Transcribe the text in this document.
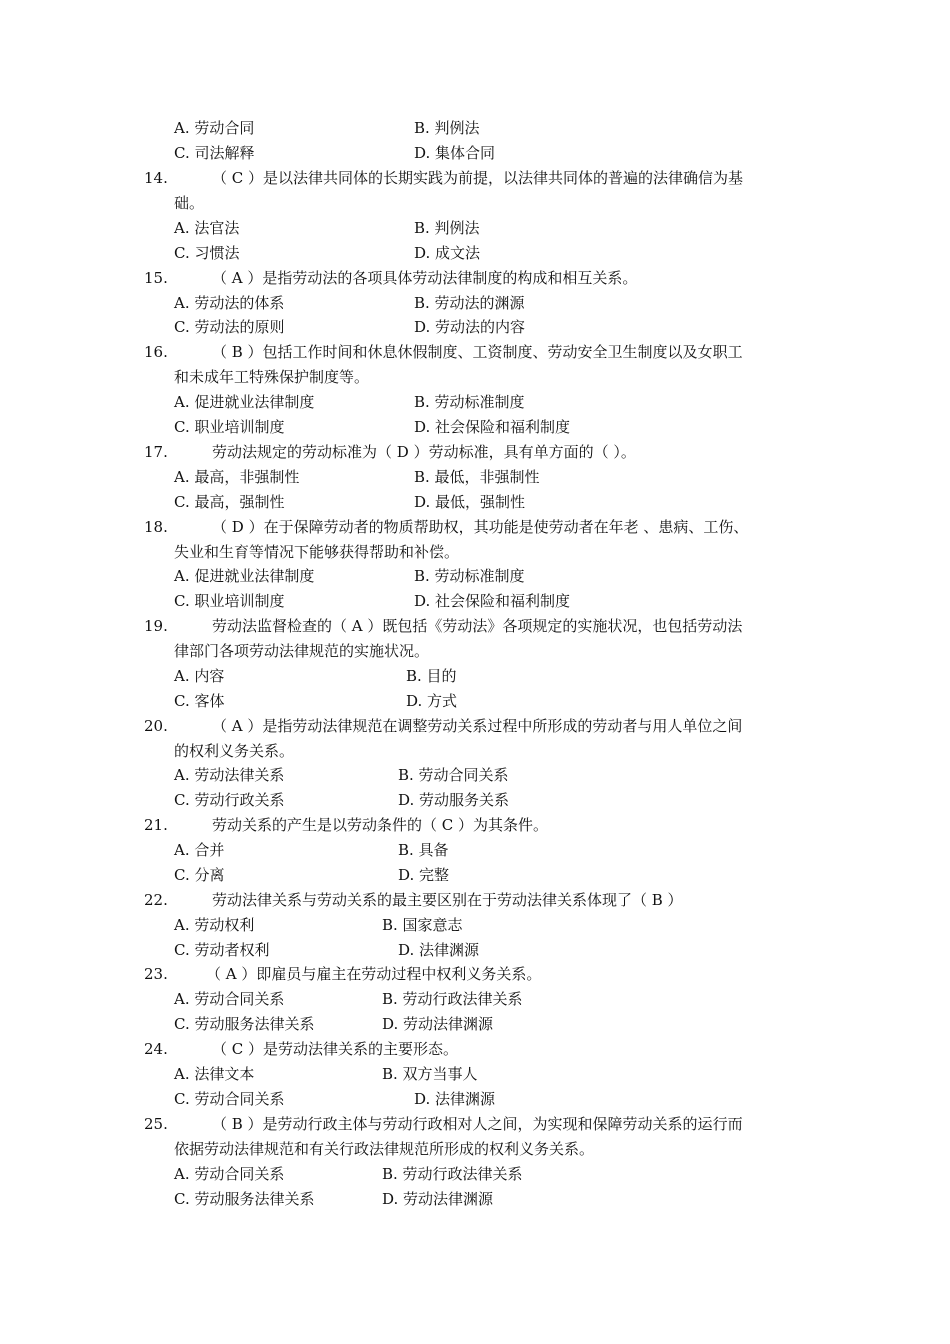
A. 劳动合同	B. 判例法
C. 司法解释	D. 集体合同
14.	（ C ）是以法律共同体的长期实践为前提，以法律共同体的普遍的法律确信为基
础。
A. 法官法	B. 判例法
C. 习惯法	D. 成文法
15.	（ A ）是指劳动法的各项具体劳动法律制度的构成和相互关系。
A. 劳动法的体系	B. 劳动法的渊源
C. 劳动法的原则	D. 劳动法的内容
16.	（ B ）包括工作时间和休息休假制度、工资制度、劳动安全卫生制度以及女职工
和未成年工特殊保护制度等。
A. 促进就业法律制度	B. 劳动标准制度
C. 职业培训制度	D. 社会保险和福利制度
17.	劳动法规定的劳动标准为（ D ）劳动标准，具有单方面的（ ）。
A. 最高，非强制性	B. 最低，非强制性
C. 最高，强制性	D. 最低，强制性
18.	（ D ）在于保障劳动者的物质帮助权，其功能是使劳动者在年老 、患病、工伤、
失业和生育等情况下能够获得帮助和补偿。
A. 促进就业法律制度	B. 劳动标准制度
C. 职业培训制度	D. 社会保险和福利制度
19.	劳动法监督检查的（ A ）既包括《劳动法》各项规定的实施状况，也包括劳动法
律部门各项劳动法律规范的实施状况。
A. 内容	B. 目的
C. 客体	D. 方式
20.	（ A ）是指劳动法律规范在调整劳动关系过程中所形成的劳动者与用人单位之间
的权利义务关系。
A. 劳动法律关系	B. 劳动合同关系
C. 劳动行政关系	D. 劳动服务关系
21.	劳动关系的产生是以劳动条件的（ C ）为其条件。
A. 合并	B. 具备
C. 分离	D. 完整
22.	劳动法律关系与劳动关系的最主要区别在于劳动法律关系体现了（ B ）
A. 劳动权利	B. 国家意志
C. 劳动者权利	D. 法律渊源
23.	（ A ）即雇员与雇主在劳动过程中权利义务关系。
A. 劳动合同关系	B. 劳动行政法律关系
C. 劳动服务法律关系	D. 劳动法律渊源
24.	（ C ）是劳动法律关系的主要形态。
A. 法律文本	B. 双方当事人
C. 劳动合同关系	D. 法律渊源
25.	（ B ）是劳动行政主体与劳动行政相对人之间，为实现和保障劳动关系的运行而
依据劳动法律规范和有关行政法律规范所形成的权利义务关系。
A. 劳动合同关系	B. 劳动行政法律关系
C. 劳动服务法律关系	D. 劳动法律渊源
